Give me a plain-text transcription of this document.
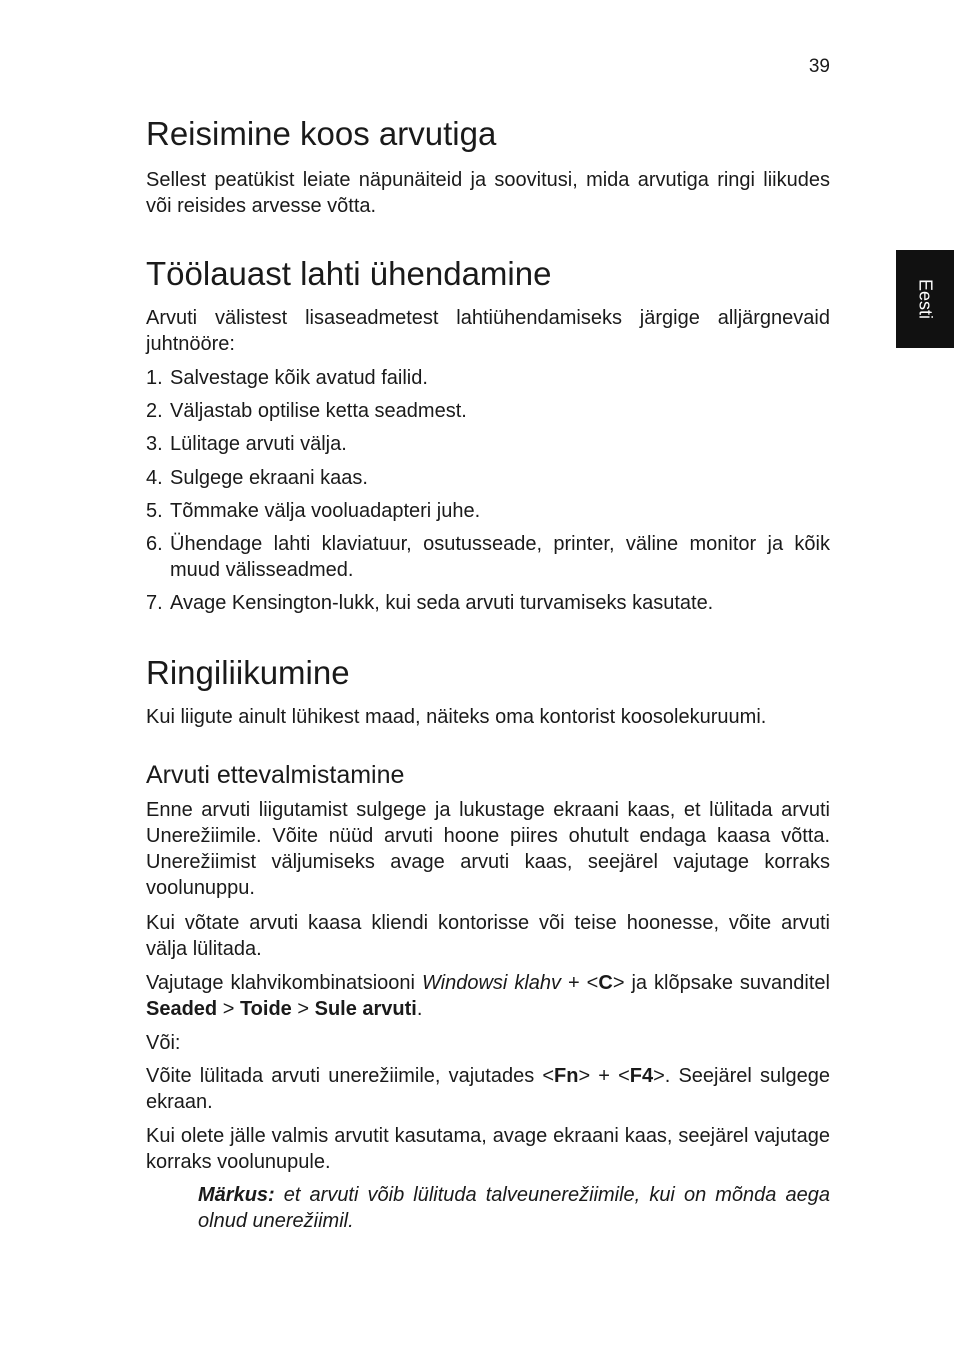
39
Eesti
Reisimine koos arvutiga

Sellest peatükist leiate näpunäiteid ja soovitusi, mida arvutiga ringi liikudes või reisides arvesse võtta.

Töölauast lahti ühendamine

Arvuti välistest lisaseadmetest lahtiühendamiseks järgige alljärgnevaid juhtnööre:

1. Salvestage kõik avatud failid.
2. Väljastab optilise ketta seadmest.
3. Lülitage arvuti välja.
4. Sulgege ekraani kaas.
5. Tõmmake välja vooluadapteri juhe.
6. Ühendage lahti klaviatuur, osutusseade, printer, väline monitor ja kõik muud välisseadmed.
7. Avage Kensington-lukk, kui seda arvuti turvamiseks kasutate.
Ringiliikumine

Kui liigute ainult lühikest maad, näiteks oma kontorist koosolekuruumi.

Arvuti ettevalmistamine

Enne arvuti liigutamist sulgege ja lukustage ekraani kaas, et lülitada arvuti Unerežiimile. Võite nüüd arvuti hoone piires ohutult endaga kaasa võtta. Unerežiimist väljumiseks avage arvuti kaas, seejärel vajutage korraks voolunuppu.

Kui võtate arvuti kaasa kliendi kontorisse või teise hoonesse, võite arvuti välja lülitada.

Vajutage klahvikombinatsiooni Windowsi klahv + <C> ja klõpsake suvanditel Seaded > Toide > Sule arvuti.

Või:

Võite lülitada arvuti unerežiimile, vajutades <Fn> + <F4>. Seejärel sulgege ekraan.

Kui olete jälle valmis arvutit kasutama, avage ekraani kaas, seejärel vajutage korraks voolunupule.

Märkus: et arvuti võib lülituda talveunerežiimile, kui on mõnda aega olnud unerežiimil.
